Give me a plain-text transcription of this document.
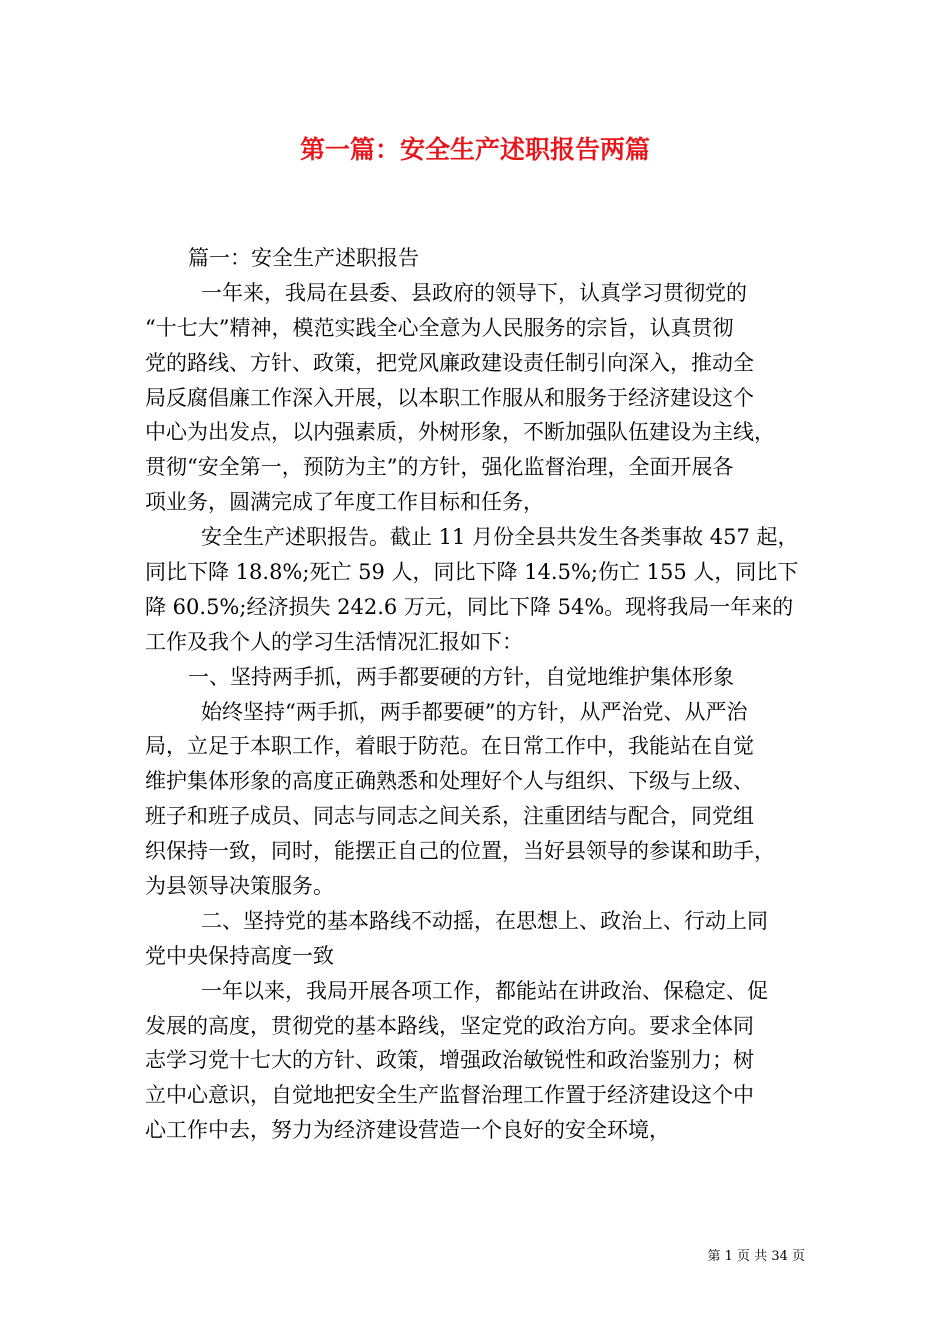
第一篇：安全生产述职报告两篇
篇一：安全生产述职报告
一年来，我局在县委、县政府的领导下，认真学习贯彻党的
“十七大”精神，模范实践全心全意为人民服务的宗旨，认真贯彻
党的路线、方针、政策，把党风廉政建设责任制引向深入，推动全
局反腐倡廉工作深入开展，以本职工作服从和服务于经济建设这个
中心为出发点，以内强素质，外树形象，不断加强队伍建设为主线，
贯彻“安全第一，预防为主”的方针，强化监督治理，全面开展各
项业务，圆满完成了年度工作目标和任务，
安全生产述职报告。截止 11 月份全县共发生各类事故 457 起，
同比下降 18.8%;死亡 59 人，同比下降 14.5%;伤亡 155 人，同比下
降 60.5%;经济损失 242.6 万元，同比下降 54%。现将我局一年来的
工作及我个人的学习生活情况汇报如下：
一、坚持两手抓，两手都要硬的方针，自觉地维护集体形象
始终坚持“两手抓，两手都要硬”的方针，从严治党、从严治
局，立足于本职工作，着眼于防范。在日常工作中，我能站在自觉
维护集体形象的高度正确熟悉和处理好个人与组织、下级与上级、
班子和班子成员、同志与同志之间关系，注重团结与配合，同党组
织保持一致，同时，能摆正自己的位置，当好县领导的参谋和助手，
为县领导决策服务。
二、坚持党的基本路线不动摇，在思想上、政治上、行动上同
党中央保持高度一致
一年以来，我局开展各项工作，都能站在讲政治、保稳定、促
发展的高度，贯彻党的基本路线，坚定党的政治方向。要求全体同
志学习党十七大的方针、政策，增强政治敏锐性和政治鉴别力；树
立中心意识，自觉地把安全生产监督治理工作置于经济建设这个中
心工作中去，努力为经济建设营造一个良好的安全环境，
第 1 页 共 34 页
